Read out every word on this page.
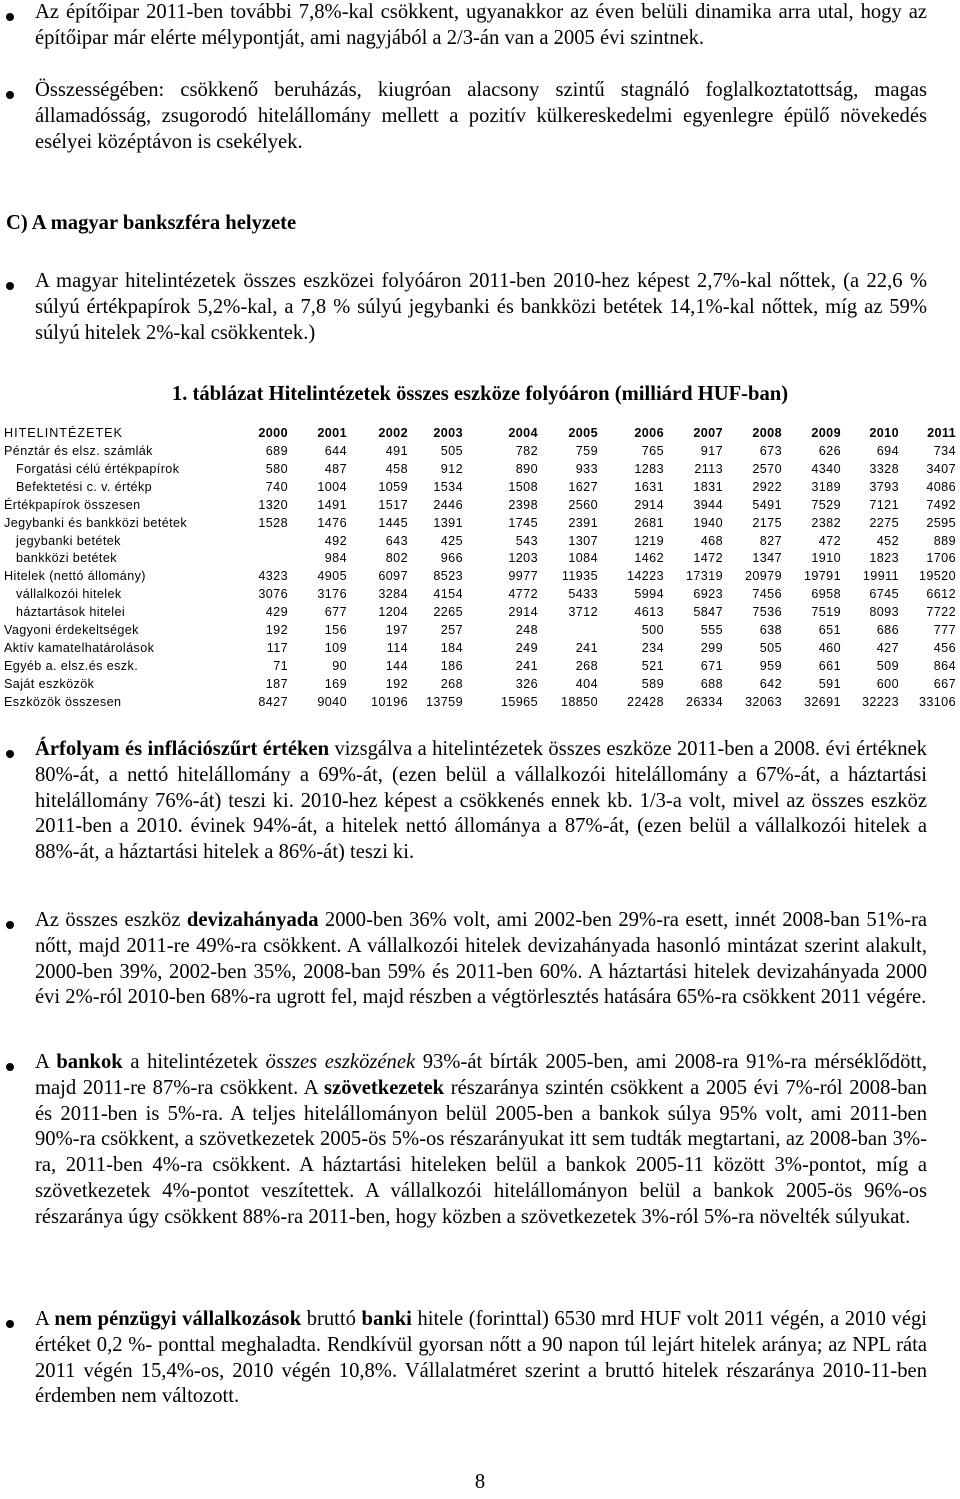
Az építőipar 2011-ben további 7,8%-kal csökkent, ugyanakkor az éven belüli dinamika arra utal, hogy az építőipar már elérte mélypontját, ami nagyjából a 2/3-án van a 2005 évi szintnek.
Összességében: csökkenő beruházás, kiugróan alacsony szintű stagnáló foglalkoztatottság, magas államadósság, zsugorodó hitelállomány mellett a pozitív külkereskedelmi egyenlegre épülő növekedés esélyei középtávon is csekélyek.
C) A magyar bankszféra helyzete
A magyar hitelintézetek összes eszközei folyóáron 2011-ben 2010-hez képest 2,7%-kal nőttek, (a 22,6 % súlyú értékpapírok 5,2%-kal, a 7,8 % súlyú jegybanki és bankközi betétek 14,1%-kal nőttek, míg az 59% súlyú hitelek 2%-kal csökkentek.)
1. táblázat Hitelintézetek összes eszköze folyóáron (milliárd HUF-ban)
HITELINTÉZETEK	2000	2001	2002	2003	2004	2005	2006	2007	2008	2009	2010	2011
Pénztár és elsz. számlák	689	644	491	505	782	759	765	917	673	626	694	734
Forgatási célú értékpapírok	580	487	458	912	890	933	1283	2113	2570	4340	3328	3407
Befektetési c. v. értékp	740	1004	1059	1534	1508	1627	1631	1831	2922	3189	3793	4086
Értékpapírok összesen	1320	1491	1517	2446	2398	2560	2914	3944	5491	7529	7121	7492
Jegybanki és bankközi betétek	1528	1476	1445	1391	1745	2391	2681	1940	2175	2382	2275	2595
jegybanki betétek		492	643	425	543	1307	1219	468	827	472	452	889
bankközi betétek		984	802	966	1203	1084	1462	1472	1347	1910	1823	1706
Hitelek (nettó állomány)	4323	4905	6097	8523	9977	11935	14223	17319	20979	19791	19911	19520
vállalkozói hitelek	3076	3176	3284	4154	4772	5433	5994	6923	7456	6958	6745	6612
háztartások hitelei	429	677	1204	2265	2914	3712	4613	5847	7536	7519	8093	7722
Vagyoni érdekeltségek	192	156	197	257	248		500	555	638	651	686	777
Aktív kamatelhatárolások	117	109	114	184	249	241	234	299	505	460	427	456
Egyéb a. elsz.és eszk.	71	90	144	186	241	268	521	671	959	661	509	864
Saját eszközök	187	169	192	268	326	404	589	688	642	591	600	667
Eszközök összesen	8427	9040	10196	13759	15965	18850	22428	26334	32063	32691	32223	33106
Árfolyam és inflációszűrt értéken vizsgálva a hitelintézetek összes eszköze 2011-ben a 2008. évi értéknek 80%-át, a nettó hitelállomány a 69%-át, (ezen belül a vállalkozói hitelállomány a 67%-át, a háztartási hitelállomány 76%-át) teszi ki. 2010-hez képest a csökkenés ennek kb. 1/3-a volt, mivel az összes eszköz 2011-ben a 2010. évinek 94%-át, a hitelek nettó állománya a 87%-át, (ezen belül a vállalkozói hitelek a 88%-át, a háztartási hitelek a 86%-át) teszi ki.
Az összes eszköz devizahányada 2000-ben 36% volt, ami 2002-ben 29%-ra esett, innét 2008-ban 51%-ra nőtt, majd 2011-re 49%-ra csökkent. A vállalkozói hitelek devizahányada hasonló mintázat szerint alakult, 2000-ben 39%, 2002-ben 35%, 2008-ban 59% és 2011-ben 60%. A háztartási hitelek devizahányada 2000 évi 2%-ról 2010-ben 68%-ra ugrott fel, majd részben a végtörlesztés hatására 65%-ra csökkent 2011 végére.
A bankok a hitelintézetek összes eszközének 93%-át bírták 2005-ben, ami 2008-ra 91%-ra mérséklődött, majd 2011-re 87%-ra csökkent. A szövetkezetek részaránya szintén csökkent a 2005 évi 7%-ról 2008-ban és 2011-ben is 5%-ra. A teljes hitelállományon belül 2005-ben a bankok súlya 95% volt, ami 2011-ben 90%-ra csökkent, a szövetkezetek 2005-ös 5%-os részarányukat itt sem tudták megtartani, az 2008-ban 3%-ra, 2011-ben 4%-ra csökkent. A háztartási hiteleken belül a bankok 2005-11 között 3%-pontot, míg a szövetkezetek 4%-pontot veszítettek. A vállalkozói hitelállományon belül a bankok 2005-ös 96%-os részaránya úgy csökkent 88%-ra 2011-ben, hogy közben a szövetkezetek 3%-ról 5%-ra növelték súlyukat.
A nem pénzügyi vállalkozások bruttó banki hitele (forinttal) 6530 mrd HUF volt 2011 végén, a 2010 végi értéket 0,2 %- ponttal meghaladta. Rendkívül gyorsan nőtt a 90 napon túl lejárt hitelek aránya; az NPL ráta 2011 végén 15,4%-os, 2010 végén 10,8%. Vállalatméret szerint a bruttó hitelek részaránya 2010-11-ben érdemben nem változott.
8
